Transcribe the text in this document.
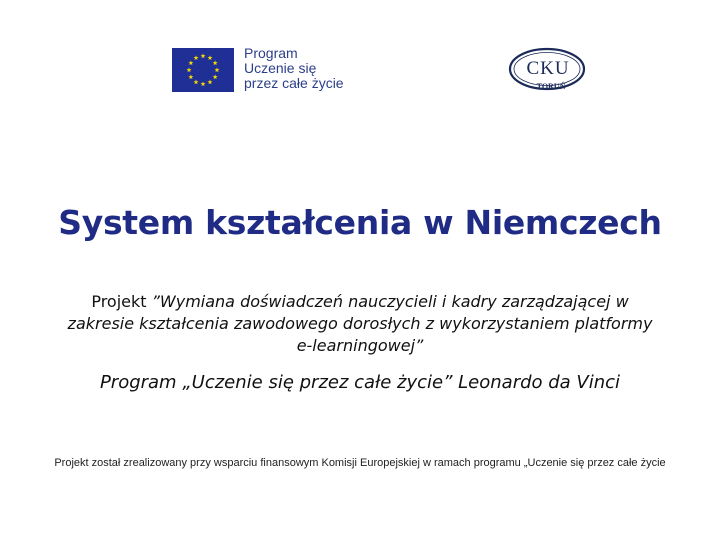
Program
Uczenie się
przez całe życie
CKU
TORUŃ
System kształcenia w Niemczech
Projekt ”Wymiana doświadczeń nauczycieli i kadry zarządzającej w zakresie kształcenia zawodowego dorosłych z wykorzystaniem platformy e-learningowej”
Program „Uczenie się przez całe życie” Leonardo da Vinci
Projekt został zrealizowany przy wsparciu finansowym Komisji Europejskiej w ramach programu „Uczenie się przez całe życie
